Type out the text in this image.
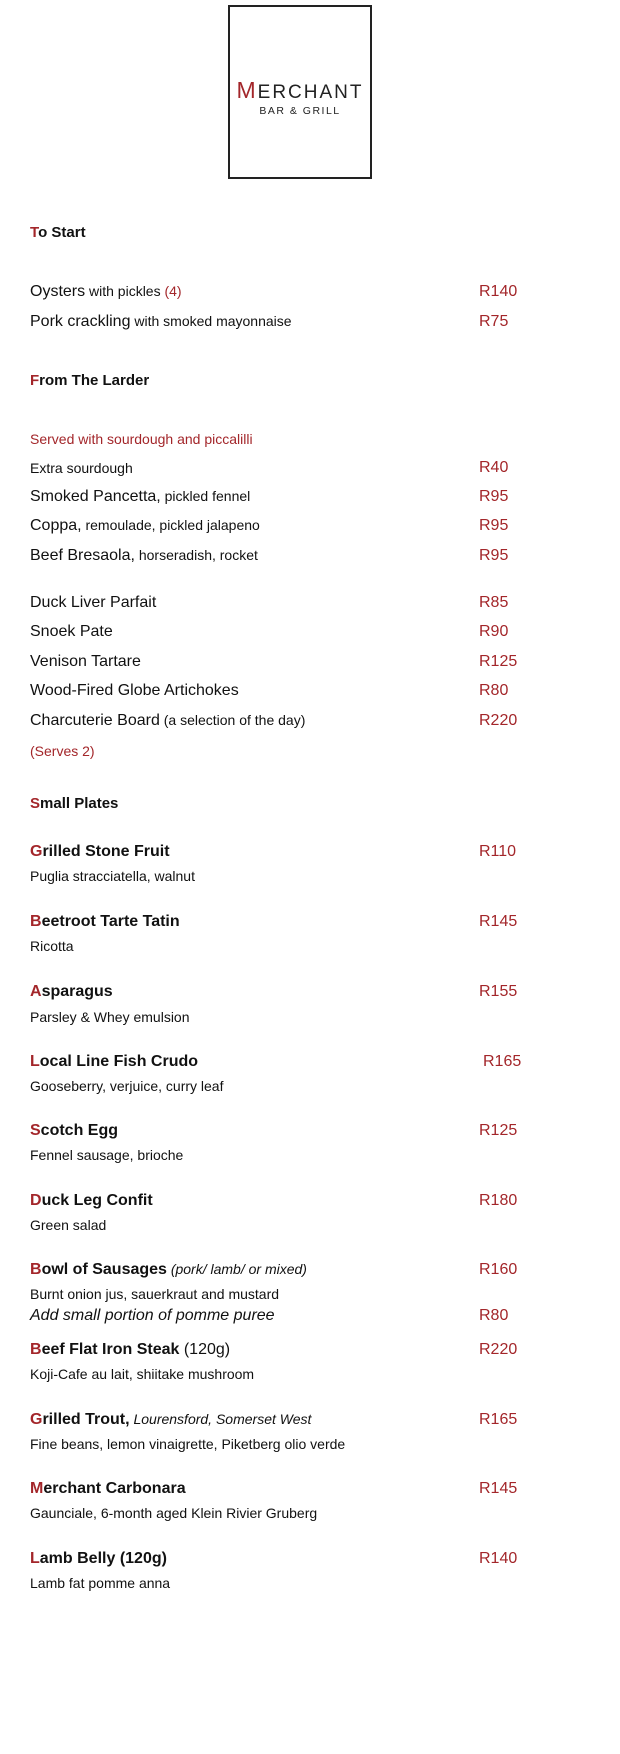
MERCHANT
BAR & GRILL
To Start
Oysters with pickles (4)	R140
Pork crackling with smoked mayonnaise	R75
From The Larder
Served with sourdough and piccalilli
Extra sourdough	R40
Smoked Pancetta, pickled fennel	R95
Coppa, remoulade, pickled jalapeno	R95
Beef Bresaola, horseradish, rocket	R95
Duck Liver Parfait	R85
Snoek Pate	R90
Venison Tartare	R125
Wood-Fired Globe Artichokes	R80
Charcuterie Board (a selection of the day)	R220
(Serves 2)
Small Plates
Grilled Stone Fruit	R110
Puglia stracciatella, walnut
Beetroot Tarte Tatin	R145
Ricotta
Asparagus	R155
Parsley & Whey emulsion
Local Line Fish Crudo	R165
Gooseberry, verjuice, curry leaf
Scotch Egg	R125
Fennel sausage, brioche
Duck Leg Confit	R180
Green salad
Bowl of Sausages (pork/ lamb/ or mixed)	R160
Burnt onion jus, sauerkraut and mustard
Add small portion of pomme puree	R80
Beef Flat Iron Steak (120g)	R220
Koji-Cafe au lait, shiitake mushroom
Grilled Trout, Lourensford, Somerset West	R165
Fine beans, lemon vinaigrette, Piketberg olio verde
Merchant Carbonara	R145
Gaunciale, 6-month aged Klein Rivier Gruberg
Lamb Belly (120g)	R140
Lamb fat pomme anna
